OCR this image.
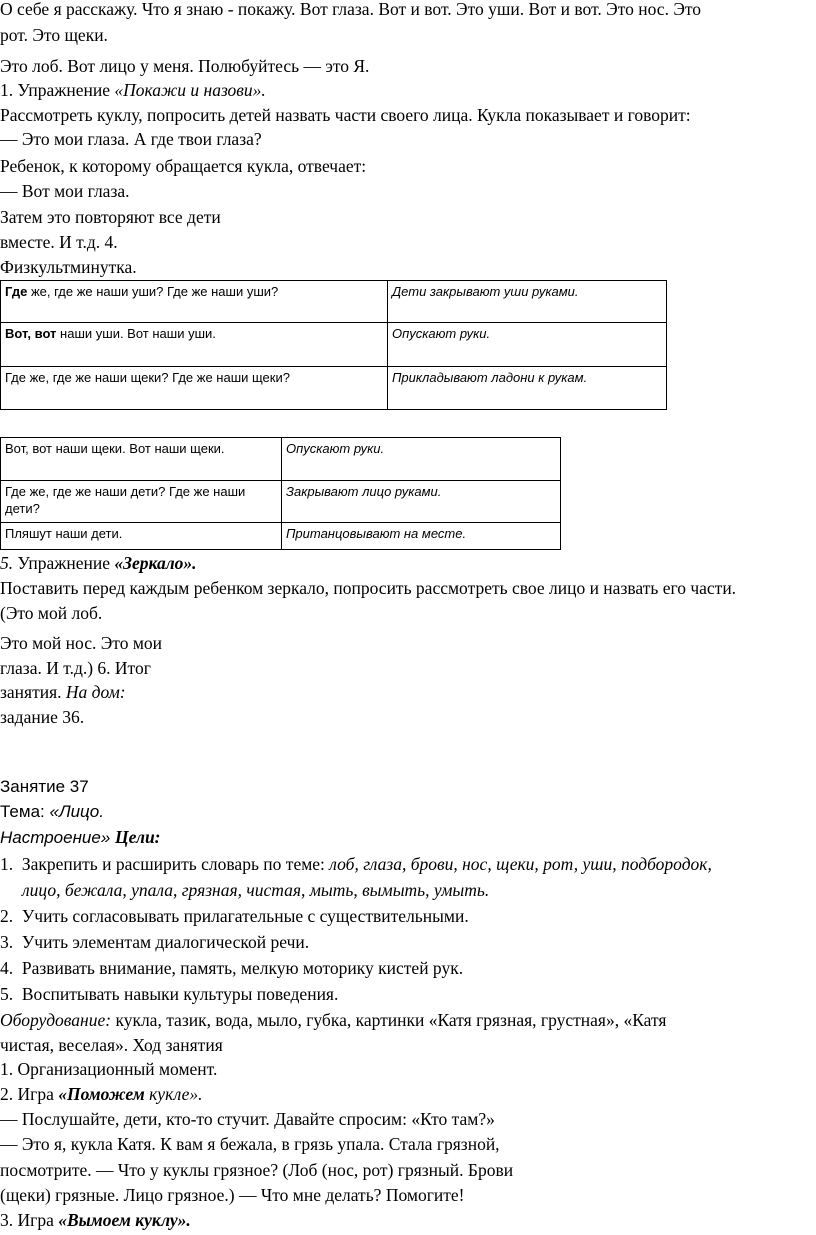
О себе я расскажу. Что я знаю - покажу. Вот глаза. Вот и вот. Это уши. Вот и вот. Это нос. Это
рот. Это щеки.
Это лоб. Вот лицо у меня. Полюбуйтесь — это Я.
1. Упражнение «Покажи и назови».
Рассмотреть куклу, попросить детей назвать части своего лица. Кукла показывает и говорит:
— Это мои глаза. А где твои глаза?
Ребенок, к которому обращается кукла, отвечает:
— Вот мои глаза.
Затем это повторяют все дети
вместе. И т.д. 4.
Физкультминутка.
Где же, где же наши уши? Где же наши уши?	Дети закрывают уши руками.
Вот, вот наши уши. Вот наши уши.	Опускают руки.
Где же, где же наши щеки? Где же наши щеки?	Прикладывают ладони к рукам.
Вот, вот наши щеки. Вот наши щеки.	Опускают руки.
Где же, где же наши дети? Где же наши дети?	Закрывают лицо руками.
Пляшут наши дети.	Пританцовывают на месте.
5. Упражнение «Зеркало».
Поставить перед каждым ребенком зеркало, попросить рассмотреть свое лицо и назвать его части.
(Это мой лоб.
Это мой нос. Это мои
глаза. И т.д.) 6. Итог
занятия. На дом:
задание 36.
Занятие 37
Тема: «Лицо.
Настроение» Цели:
1. Закрепить и расширить словарь по теме: лоб, глаза, брови, нос, щеки, рот, уши, подбородок,
лицо, бежала, упала, грязная, чистая, мыть, вымыть, умыть.
2. Учить согласовывать прилагательные с существительными.
3. Учить элементам диалогической речи.
4. Развивать внимание, память, мелкую моторику кистей рук.
5. Воспитывать навыки культуры поведения.
Оборудование: кукла, тазик, вода, мыло, губка, картинки «Катя грязная, грустная», «Катя
чистая, веселая». Ход занятия
1. Организационный момент.
2. Игра «Поможем кукле».
— Послушайте, дети, кто-то стучит. Давайте спросим: «Кто там?»
— Это я, кукла Катя. К вам я бежала, в грязь упала. Стала грязной,
посмотрите. — Что у куклы грязное? (Лоб (нос, рот) грязный. Брови
(щеки) грязные. Лицо грязное.) — Что мне делать? Помогите!
3. Игра «Вымоем куклу».
